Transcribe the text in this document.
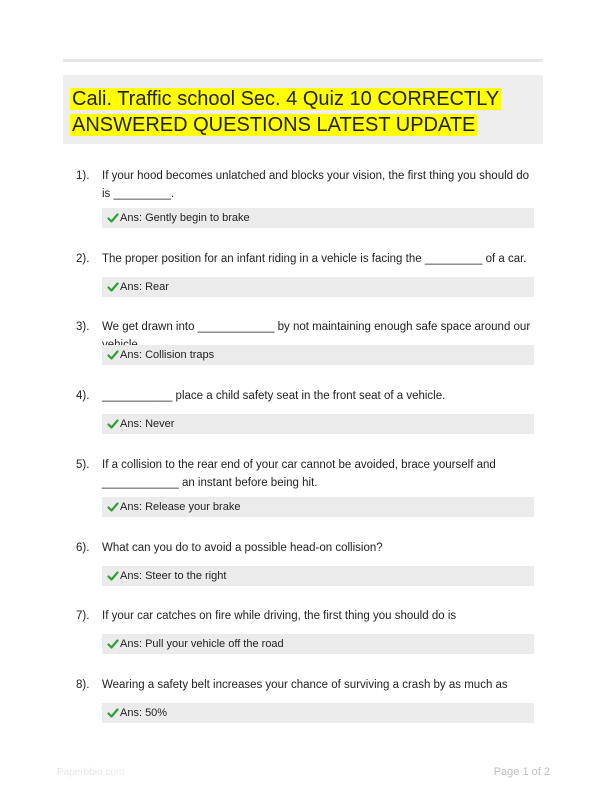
Cali. Traffic school Sec. 4 Quiz 10 CORRECTLY ANSWERED QUESTIONS LATEST UPDATE
1). If your hood becomes unlatched and blocks your vision, the first thing you should do is _________.
Ans: Gently begin to brake
2). The proper position for an infant riding in a vehicle is facing the _________ of a car.
Ans: Rear
3). We get drawn into ____________ by not maintaining enough safe space around our
Ans: Collision traps
4). ___________ place a child safety seat in the front seat of a vehicle.
Ans: Never
5). If a collision to the rear end of your car cannot be avoided, brace yourself and ____________ an instant before being hit.
Ans: Release your brake
6). What can you do to avoid a possible head-on collision?
Ans: Steer to the right
7). If your car catches on fire while driving, the first thing you should do is
Ans: Pull your vehicle off the road
8). Wearing a safety belt increases your chance of surviving a crash by as much as
Ans: 50%
Paperbbio.com	Page 1 of 2
